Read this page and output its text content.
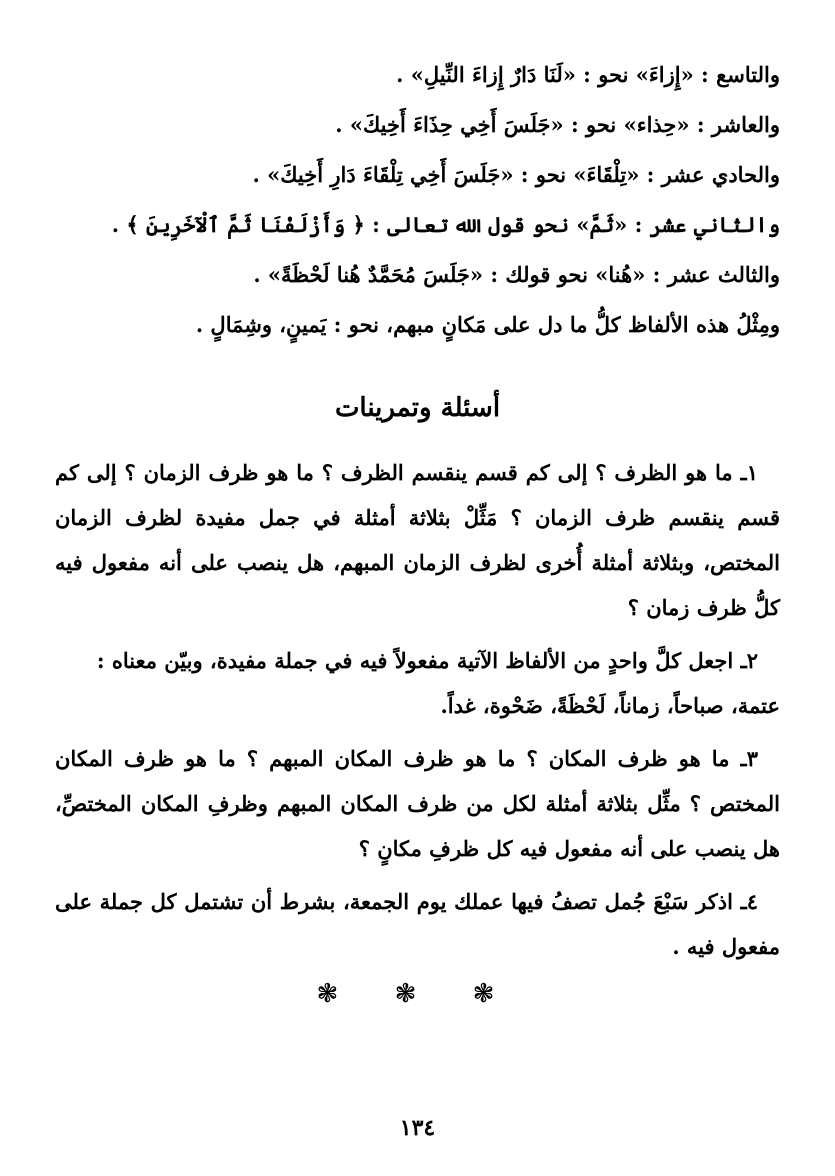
والتاسع : «إِزاءَ» نحو : «لَنَا دَارٌ إِزاءَ النِّيلِ» .
والعاشر : «حِذاء» نحو : «جَلَسَ أَخِي حِذَاءَ أَخِيكَ» .
والحادي عشر : «تِلْقَاءَ» نحو : «جَلَسَ أَخِي تِلْقَاءَ دَارِ أَخِيكَ» .
والثاني عشر : «ثَمَّ» نحو قول الله تعالى : ﴿ وَأَزْلَفْنَا ثَمَّ ٱلْآخَرِينَ ﴾ .
والثالث عشر : «هُنا» نحو قولك : «جَلَسَ مُحَمَّدٌ هُنا لَحْظَةً» .
ومِثْلُ هذه الألفاظ كلُّ ما دل على مَكانٍ مبهم، نحو : يَمينٍ، وشِمَالٍ .
أسئلة وتمرينات
١ـ ما هو الظرف ؟ إلى كم قسم ينقسم الظرف ؟ ما هو ظرف الزمان ؟ إلى كم قسم ينقسم ظرف الزمان ؟ مَثِّلْ بثلاثة أمثلة في جمل مفيدة لظرف الزمان المختص، وبثلاثة أمثلة أُخرى لظرف الزمان المبهم، هل ينصب على أنه مفعول فيه كلُّ ظرف زمان ؟
٢ـ اجعل كلَّ واحدٍ من الألفاظ الآتية مفعولاً فيه في جملة مفيدة، وبيّن معناه :
عتمة، صباحاً، زماناً، لَحْظَةً، ضَحْوة، غداً.
٣ـ ما هو ظرف المكان ؟ ما هو ظرف المكان المبهم ؟ ما هو ظرف المكان المختص ؟ مثِّل بثلاثة أمثلة لكل من ظرف المكان المبهم وظرفِ المكان المختصِّ، هل ينصب على أنه مفعول فيه كل ظرفِ مكانٍ ؟
٤ـ اذكر سَبْعَ جُمل تصفُ فيها عملك يوم الجمعة، بشرط أن تشتمل كل جملة على مفعول فيه .
❃ ❃ ❃
١٣٤
